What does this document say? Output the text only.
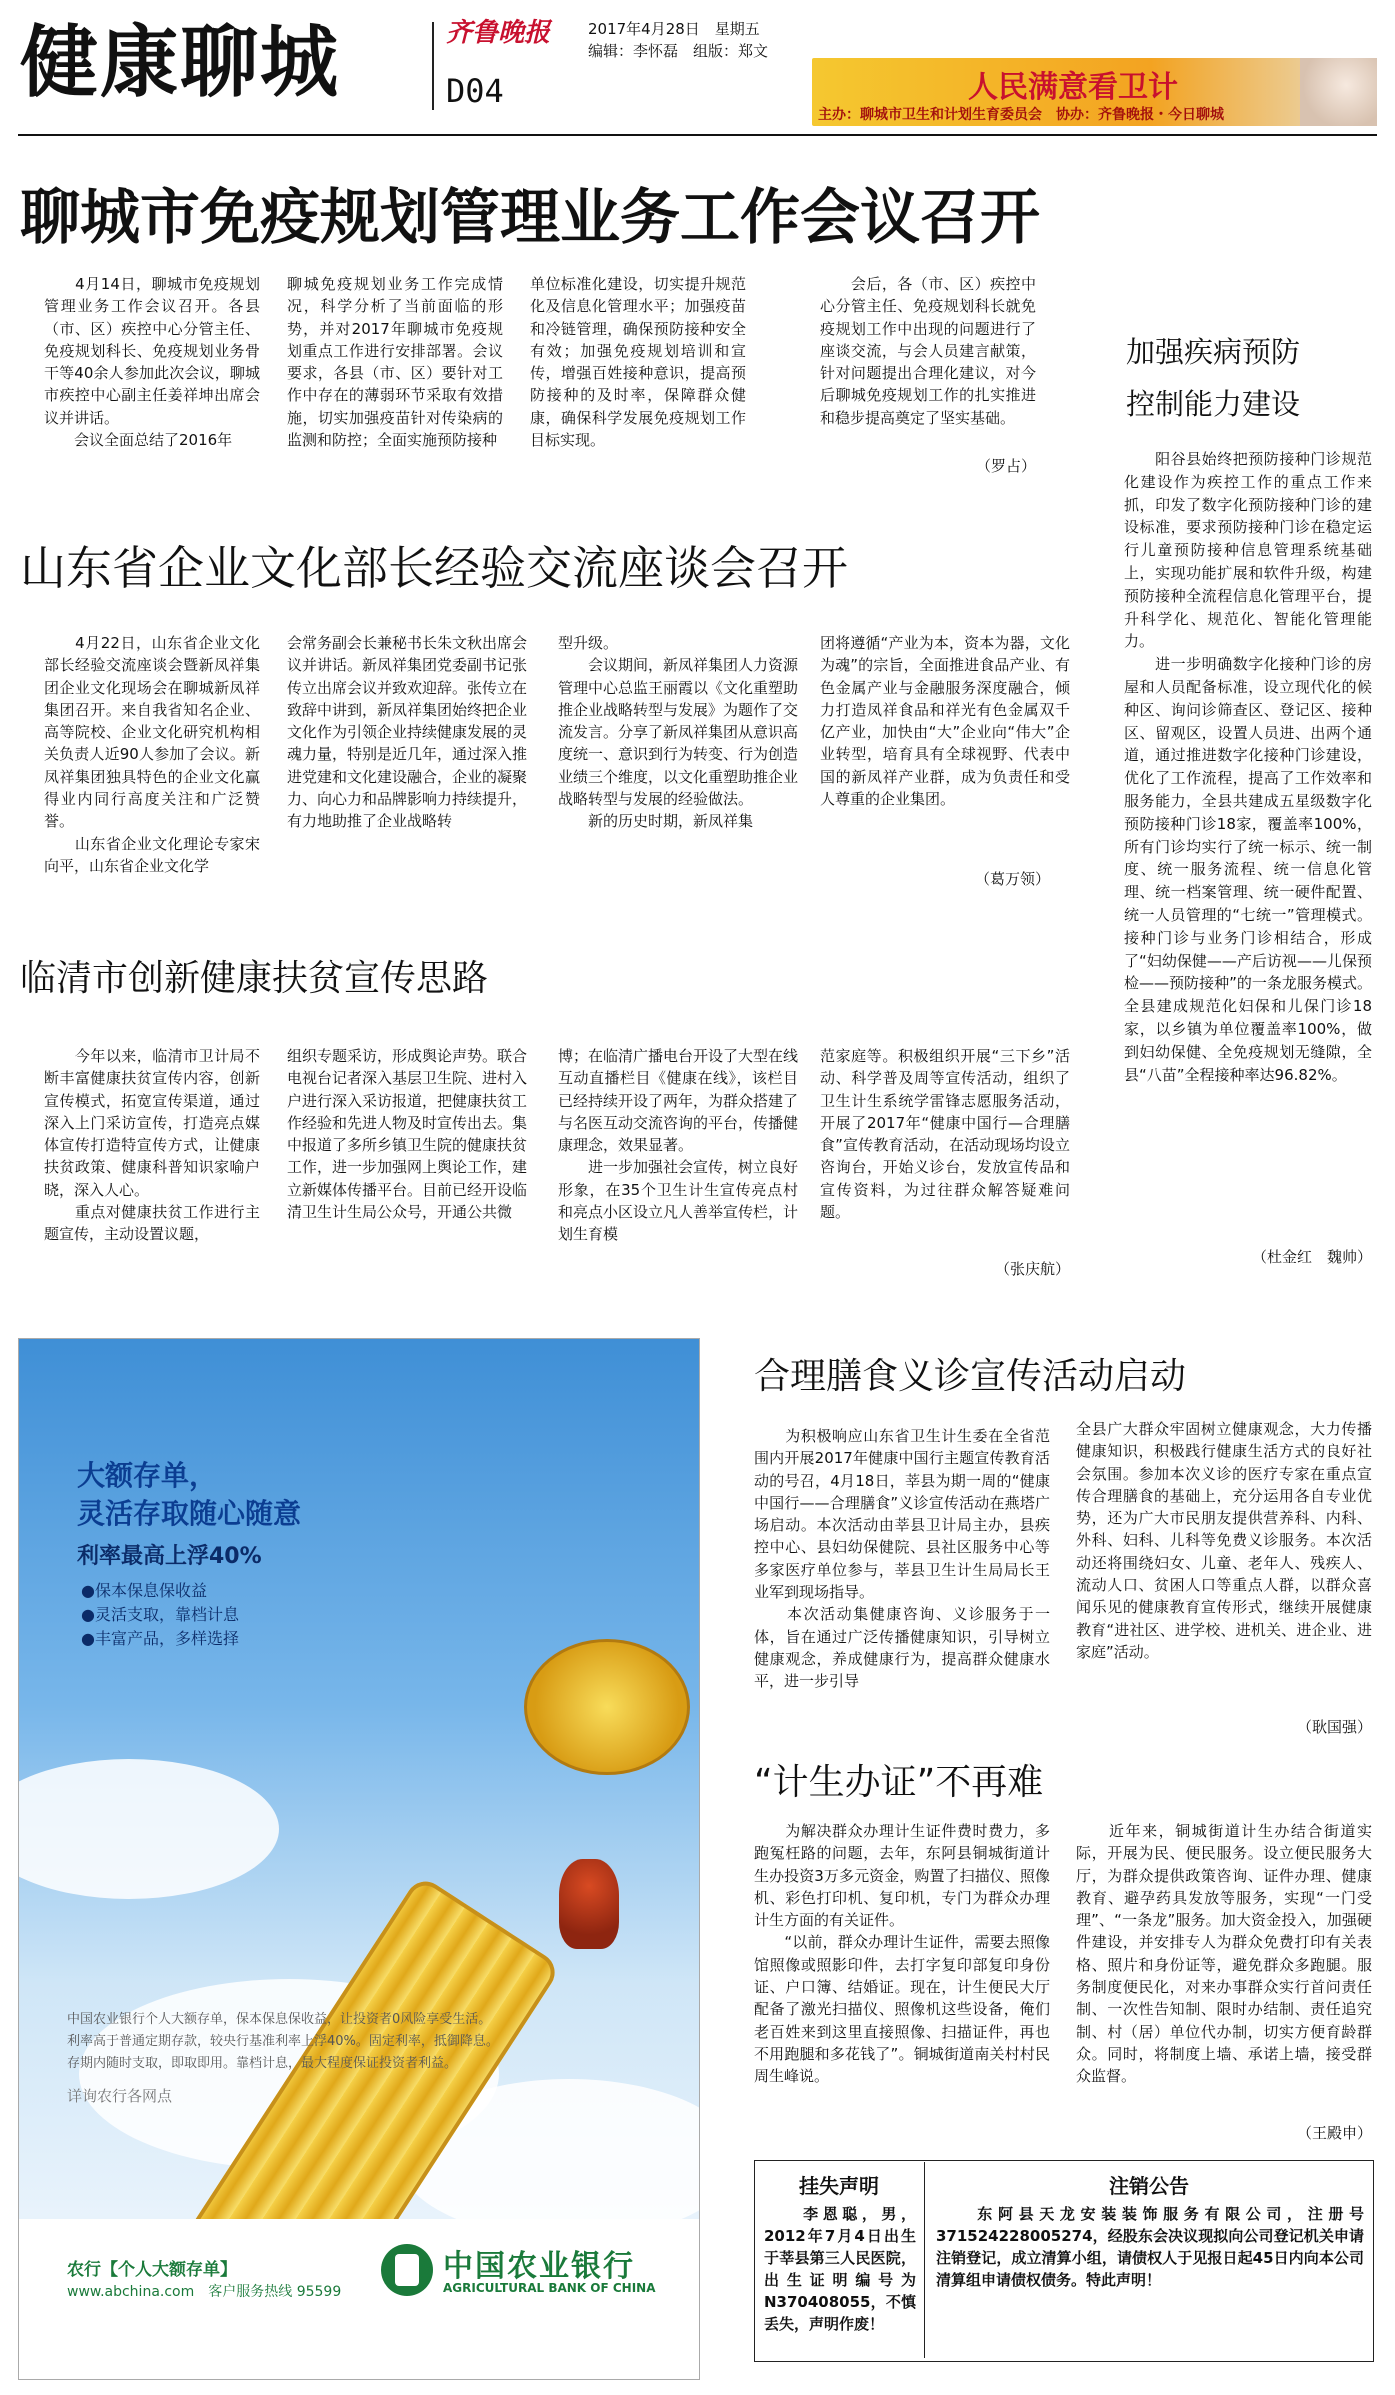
健康聊城	齐鲁晚报	2017年4月28日　星期五
编辑：李怀磊　组版：郑文
D04	人民满意看卫计
主办：聊城市卫生和计划生育委员会　协办：齐鲁晚报・今日聊城
聊城市免疫规划管理业务工作会议召开
　　4月14日，聊城市免疫规划管理业务工作会议召开。各县（市、区）疾控中心分管主任、免疫规划科长、免疫规划业务骨干等40余人参加此次会议，聊城市疾控中心副主任姜祥坤出席会议并讲话。
　　会议全面总结了2016年
聊城免疫规划业务工作完成情况，科学分析了当前面临的形势，并对2017年聊城市免疫规划重点工作进行安排部署。会议要求，各县（市、区）要针对工作中存在的薄弱环节采取有效措施，切实加强疫苗针对传染病的监测和防控；全面实施预防接种
单位标准化建设，切实提升规范化及信息化管理水平；加强疫苗和冷链管理，确保预防接种安全有效；加强免疫规划培训和宣传，增强百姓接种意识，提高预防接种的及时率，保障群众健康，确保科学发展免疫规划工作目标实现。
　　会后，各（市、区）疾控中心分管主任、免疫规划科长就免疫规划工作中出现的问题进行了座谈交流，与会人员建言献策，针对问题提出合理化建议，对今后聊城免疫规划工作的扎实推进和稳步提高奠定了坚实基础。
（罗占）
加强疾病预防
控制能力建设
　　阳谷县始终把预防接种门诊规范化建设作为疾控工作的重点工作来抓，印发了数字化预防接种门诊的建设标准，要求预防接种门诊在稳定运行儿童预防接种信息管理系统基础上，实现功能扩展和软件升级，构建预防接种全流程信息化管理平台，提升科学化、规范化、智能化管理能力。
　　进一步明确数字化接种门诊的房屋和人员配备标准，设立现代化的候种区、询问诊筛查区、登记区、接种区、留观区，设置人员进、出两个通道，通过推进数字化接种门诊建设，优化了工作流程，提高了工作效率和服务能力，全县共建成五星级数字化预防接种门诊18家，覆盖率100%，所有门诊均实行了统一标示、统一制度、统一服务流程、统一信息化管理、统一档案管理、统一硬件配置、统一人员管理的“七统一”管理模式。接种门诊与业务门诊相结合，形成了“妇幼保健——产后访视——儿保预检——预防接种”的一条龙服务模式。全县建成规范化妇保和儿保门诊18家，以乡镇为单位覆盖率100%，做到妇幼保健、全免疫规划无缝隙，全县“八苗”全程接种率达96.82%。
（杜金红　魏帅）
山东省企业文化部长经验交流座谈会召开
　　4月22日，山东省企业文化部长经验交流座谈会暨新凤祥集团企业文化现场会在聊城新凤祥集团召开。来自我省知名企业、高等院校、企业文化研究机构相关负责人近90人参加了会议。新凤祥集团独具特色的企业文化赢得业内同行高度关注和广泛赞誉。
　　山东省企业文化理论专家宋向平，山东省企业文化学
会常务副会长兼秘书长朱文秋出席会议并讲话。新凤祥集团党委副书记张传立出席会议并致欢迎辞。张传立在致辞中讲到，新凤祥集团始终把企业文化作为引领企业持续健康发展的灵魂力量，特别是近几年，通过深入推进党建和文化建设融合，企业的凝聚力、向心力和品牌影响力持续提升，有力地助推了企业战略转
型升级。
　　会议期间，新凤祥集团人力资源管理中心总监王丽霞以《文化重塑助推企业战略转型与发展》为题作了交流发言。分享了新凤祥集团从意识高度统一、意识到行为转变、行为创造业绩三个维度，以文化重塑助推企业战略转型与发展的经验做法。
　　新的历史时期，新凤祥集
团将遵循“产业为本，资本为器，文化为魂”的宗旨，全面推进食品产业、有色金属产业与金融服务深度融合，倾力打造凤祥食品和祥光有色金属双千亿产业，加快由“大”企业向“伟大”企业转型，培育具有全球视野、代表中国的新凤祥产业群，成为负责任和受人尊重的企业集团。
（葛万领）
临清市创新健康扶贫宣传思路
　　今年以来，临清市卫计局不断丰富健康扶贫宣传内容，创新宣传模式，拓宽宣传渠道，通过深入上门采访宣传，打造亮点媒体宣传打造特宣传方式，让健康扶贫政策、健康科普知识家喻户晓，深入人心。
　　重点对健康扶贫工作进行主题宣传，主动设置议题，
组织专题采访，形成舆论声势。联合电视台记者深入基层卫生院、进村入户进行深入采访报道，把健康扶贫工作经验和先进人物及时宣传出去。集中报道了多所乡镇卫生院的健康扶贫工作，进一步加强网上舆论工作，建立新媒体传播平台。目前已经开设临清卫生计生局公众号，开通公共微
博；在临清广播电台开设了大型在线互动直播栏目《健康在线》，该栏目已经持续开设了两年，为群众搭建了与名医互动交流咨询的平台，传播健康理念，效果显著。
　　进一步加强社会宣传，树立良好形象，在35个卫生计生宣传亮点村和亮点小区设立凡人善举宣传栏，计划生育模
范家庭等。积极组织开展“三下乡”活动、科学普及周等宣传活动，组织了卫生计生系统学雷锋志愿服务活动，开展了2017年“健康中国行—合理膳食”宣传教育活动，在活动现场均设立咨询台，开始义诊台，发放宣传品和宣传资料，为过往群众解答疑难问题。
（张庆航）
大额存单，
灵活存取随心随意
利率最高上浮40%
●保本保息保收益
●灵活支取，靠档计息
●丰富产品，多样选择
中国农业银行个人大额存单，保本保息保收益，让投资者0风险享受生活。
利率高于普通定期存款，较央行基准利率上浮40%。固定利率，抵御降息。
存期内随时支取，即取即用。靠档计息，最大程度保证投资者利益。
详询农行各网点
农行【个人大额存单】
www.abchina.com　客户服务热线 95599
中国农业银行
AGRICULTURAL BANK OF CHINA
合理膳食义诊宣传活动启动
　　为积极响应山东省卫生计生委在全省范围内开展2017年健康中国行主题宣传教育活动的号召，4月18日，莘县为期一周的“健康中国行——合理膳食”义诊宣传活动在燕塔广场启动。本次活动由莘县卫计局主办，县疾控中心、县妇幼保健院、县社区服务中心等多家医疗单位参与，莘县卫生计生局局长王业军到现场指导。
　　本次活动集健康咨询、义诊服务于一体，旨在通过广泛传播健康知识，引导树立健康观念，养成健康行为，提高群众健康水平，进一步引导
全县广大群众牢固树立健康观念，大力传播健康知识，积极践行健康生活方式的良好社会氛围。参加本次义诊的医疗专家在重点宣传合理膳食的基础上，充分运用各自专业优势，还为广大市民朋友提供营养科、内科、外科、妇科、儿科等免费义诊服务。本次活动还将围绕妇女、儿童、老年人、残疾人、流动人口、贫困人口等重点人群，以群众喜闻乐见的健康教育宣传形式，继续开展健康教育“进社区、进学校、进机关、进企业、进家庭”活动。
（耿国强）
“计生办证”不再难
　　为解决群众办理计生证件费时费力，多跑冤枉路的问题，去年，东阿县铜城街道计生办投资3万多元资金，购置了扫描仪、照像机、彩色打印机、复印机，专门为群众办理计生方面的有关证件。
　　“以前，群众办理计生证件，需要去照像馆照像或照影印件，去打字复印部复印身份证、户口簿、结婚证。现在，计生便民大厅配备了激光扫描仪、照像机这些设备，俺们老百姓来到这里直接照像、扫描证件，再也不用跑腿和多花钱了”。铜城街道南关村村民周生峰说。
　　近年来，铜城街道计生办结合街道实际，开展为民、便民服务。设立便民服务大厅，为群众提供政策咨询、证件办理、健康教育、避孕药具发放等服务，实现“一门受理”、“一条龙”服务。加大资金投入，加强硬件建设，并安排专人为群众免费打印有关表格、照片和身份证等，避免群众多跑腿。服务制度便民化，对来办事群众实行首问责任制、一次性告知制、限时办结制、责任追究制、村（居）单位代办制，切实方便育龄群众。同时，将制度上墙、承诺上墙，接受群众监督。
（王殿申）
挂失声明
　　李恩聪，男，2012年7月4日出生于莘县第三人民医院，出生证明编号为N370408055，不慎丢失，声明作废！
注销公告
　　东阿县天龙安装装饰服务有限公司，注册号371524228005274，经股东会决议现拟向公司登记机关申请注销登记，成立清算小组，请债权人于见报日起45日内向本公司清算组申请债权债务。特此声明！
